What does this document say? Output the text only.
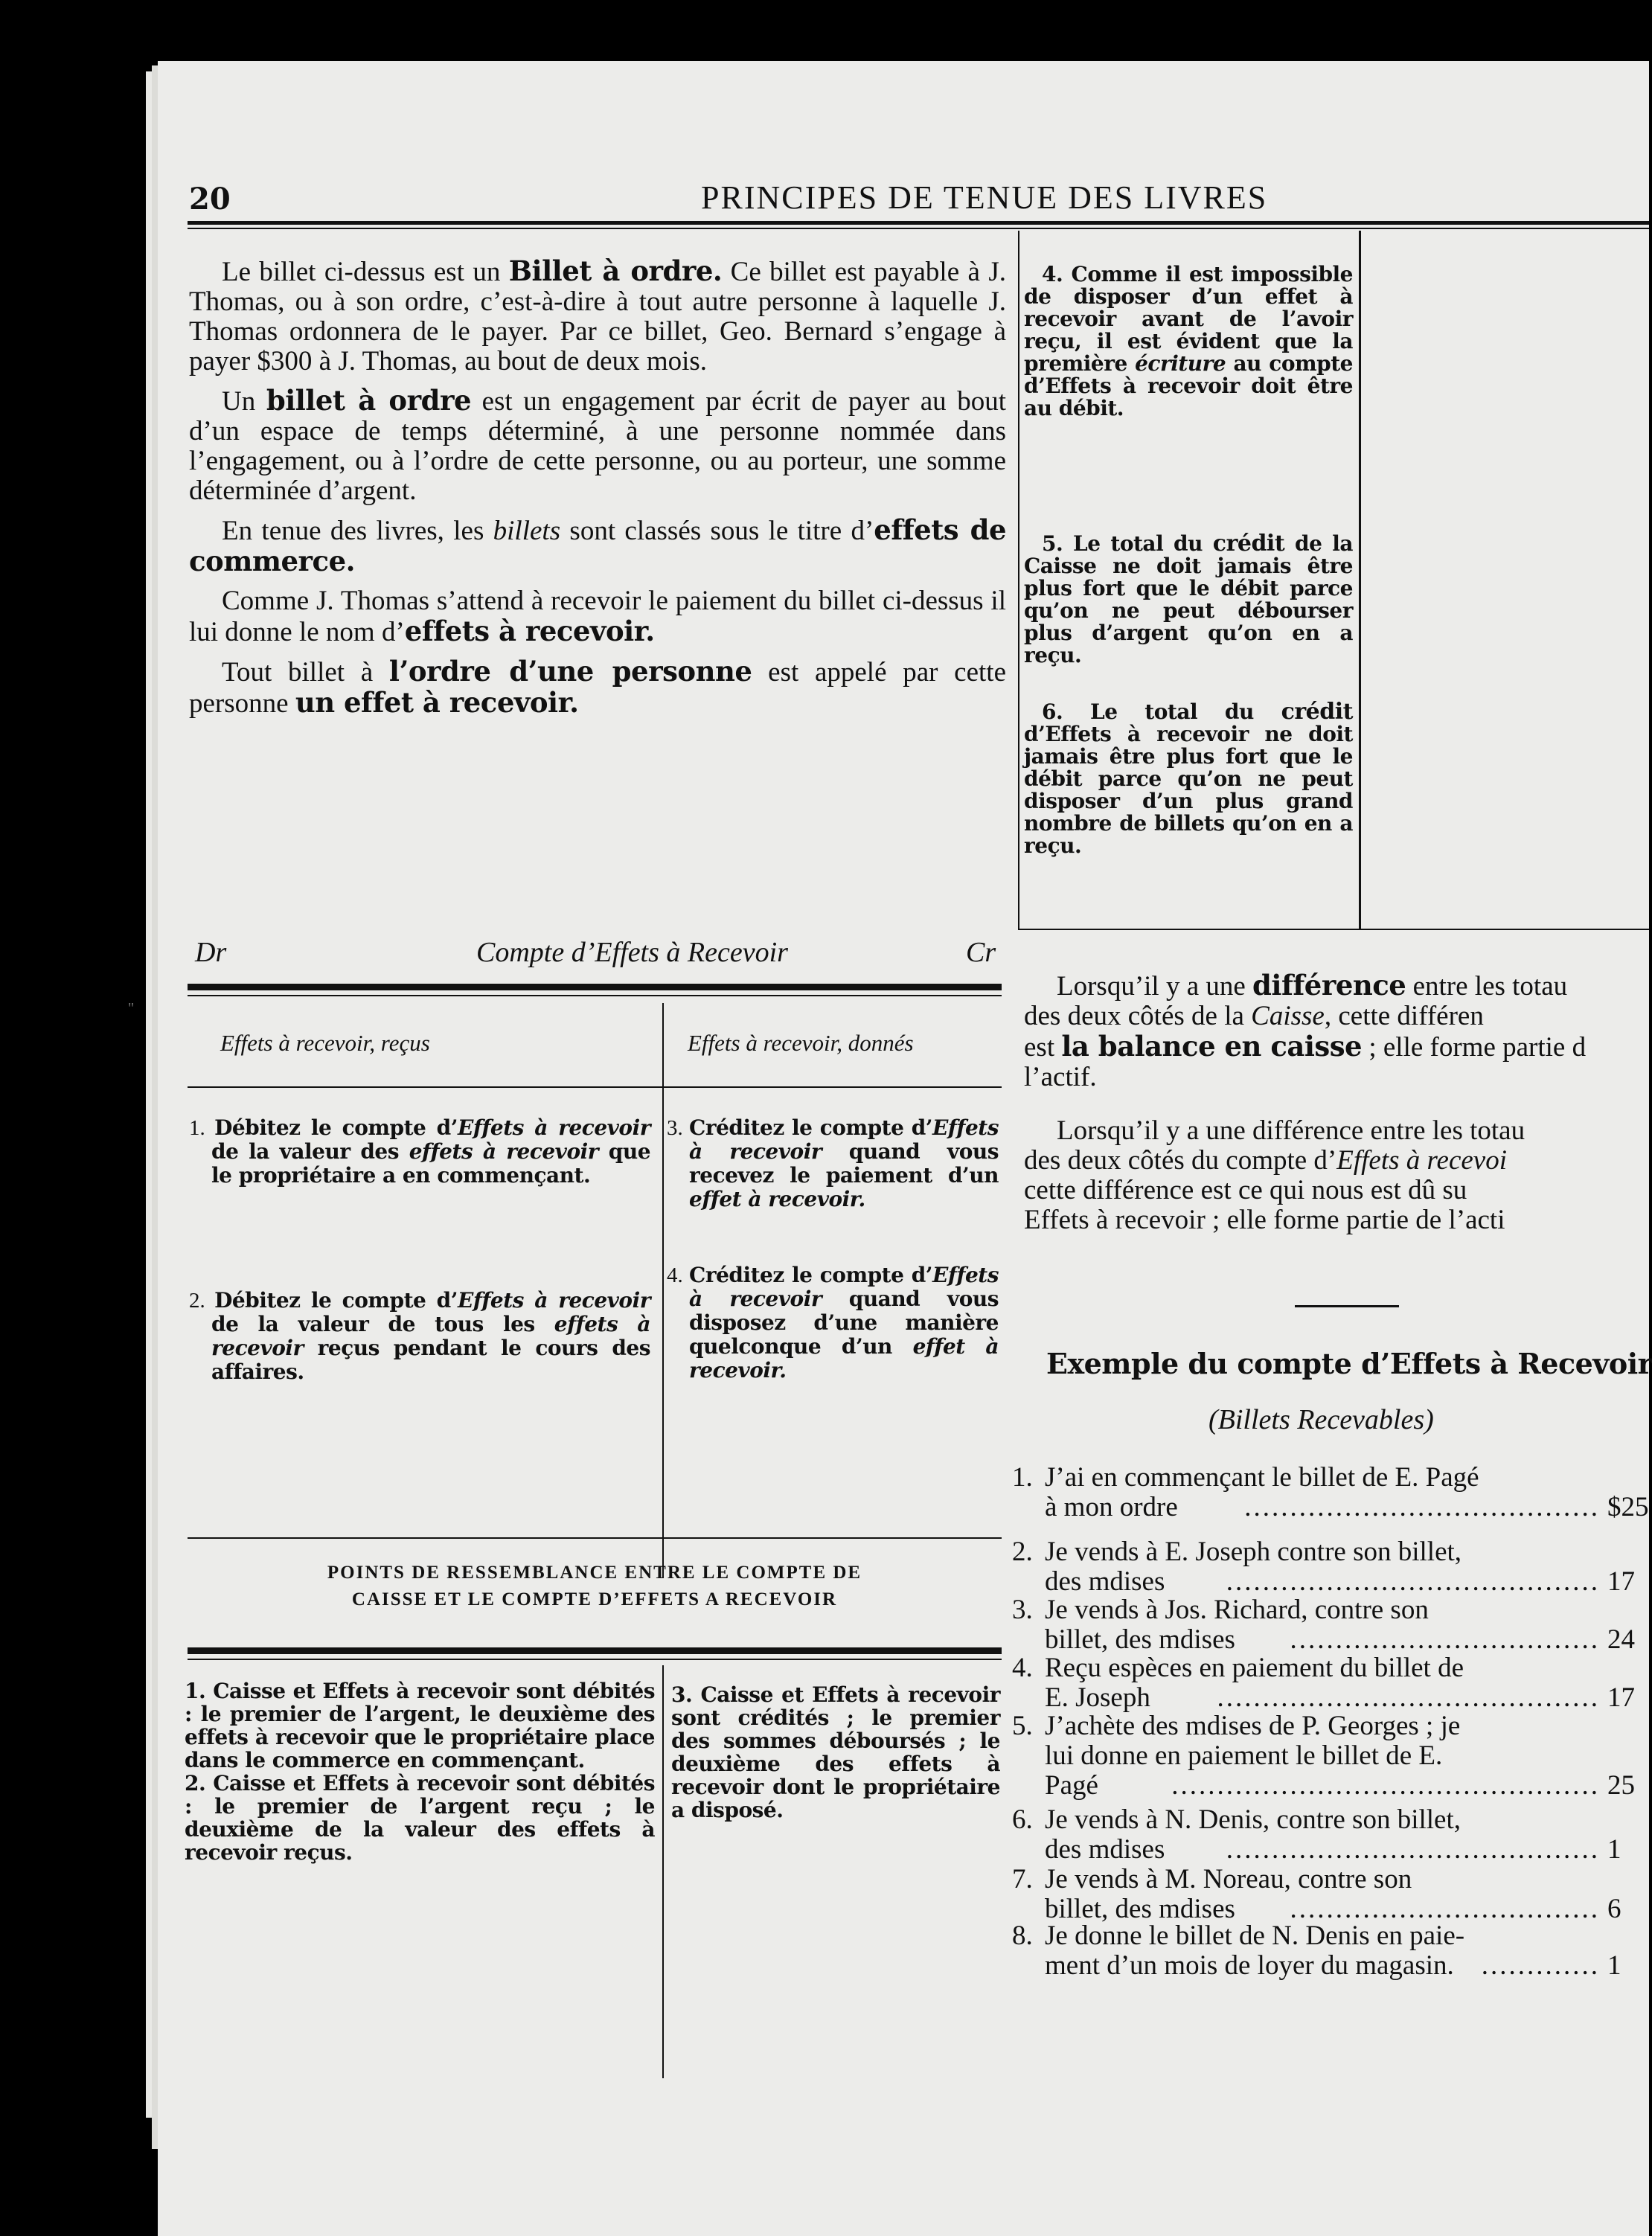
20	PRINCIPES DE TENUE DES LIVRES

Le billet ci-dessus est un Billet à ordre. Ce billet est payable à J. Thomas, ou à son ordre, c’est-à-dire à tout autre personne à laquelle J. Thomas ordonnera de le payer. Par ce billet, Geo. Bernard s’engage à payer $300 à J. Thomas, au bout de deux mois.

Un billet à ordre est un engagement par écrit de payer au bout d’un espace de temps déterminé, à une personne nommée dans l’engagement, ou à l’ordre de cette personne, ou au porteur, une somme déterminée d’argent.

En tenue des livres, les billets sont classés sous le titre d’effets de commerce.

Comme J. Thomas s’attend à recevoir le paiement du billet ci-dessus il lui donne le nom d’effets à recevoir.

Tout billet à l’ordre d’une personne est appelé par cette personne un effet à recevoir.

Dr	Compte d’Effets à Recevoir	Cr
Effets à recevoir, reçus	Effets à recevoir, donnés
1. Débitez le compte d’Effets à recevoir de la valeur des effets à recevoir que le propriétaire a en commençant.
2. Débitez le compte d’Effets à recevoir de la valeur de tous les effets à recevoir reçus pendant le cours des affaires.
3. Créditez le compte d’Effets à recevoir quand vous recevez le paiement d’un effet à recevoir.
4. Créditez le compte d’Effets à recevoir quand vous disposez d’une manière quelconque d’un effet à recevoir.
POINTS DE RESSEMBLANCE ENTRE LE COMPTE DE
CAISSE ET LE COMPTE D’EFFETS A RECEVOIR
1. Caisse et Effets à recevoir sont débités : le premier de l’argent, le deuxième des effets à recevoir que le propriétaire place dans le commerce en commençant.
2. Caisse et Effets à recevoir sont débités : le premier de l’argent reçu ; le deuxième de la valeur des effets à recevoir reçus.
3. Caisse et Effets à recevoir sont crédités ; le premier des sommes déboursés ; le deuxième des effets à recevoir dont le propriétaire a disposé.
4. Comme il est impossible de disposer d’un effet à recevoir avant de l’avoir reçu, il est évident que la première écriture au compte d’Effets à recevoir doit être au débit.
5. Le total du crédit de la Caisse ne doit jamais être plus fort que le débit parce qu’on ne peut débourser plus d’argent qu’on en a reçu.
6. Le total du crédit d’Effets à recevoir ne doit jamais être plus fort que le débit parce qu’on ne peut disposer d’un plus grand nombre de billets qu’on en a reçu.
Lorsqu’il y a une différence entre les totau
des deux côtés de la Caisse, cette différen
est la balance en caisse ; elle forme partie d
l’actif.
Lorsqu’il y a une différence entre les totau
des deux côtés du compte d’Effets à recevoi
cette différence est ce qui nous est dû su
Effets à recevoir ; elle forme partie de l’acti
Exemple du compte d’Effets à Recevoir
(Billets Recevables)
1. J’ai en commençant le billet de E. Pagé
à mon ordre	....................................... $25
2. Je vends à E. Joseph contre son billet,
des mdises	......................................... 17
3. Je vends à Jos. Richard, contre son
billet, des mdises	.................................. 24
4. Reçu espèces en paiement du billet de
E. Joseph	.......................................... 17
5. J’achète des mdises de P. Georges ; je
lui donne en paiement le billet de E.
Pagé	............................................... 25
6. Je vends à N. Denis, contre son billet,
des mdises	......................................... 1
7. Je vends à M. Noreau, contre son
billet, des mdises	.................................. 6
8. Je donne le billet de N. Denis en paie-
ment d’un mois de loyer du magasin. ............. 1
"
